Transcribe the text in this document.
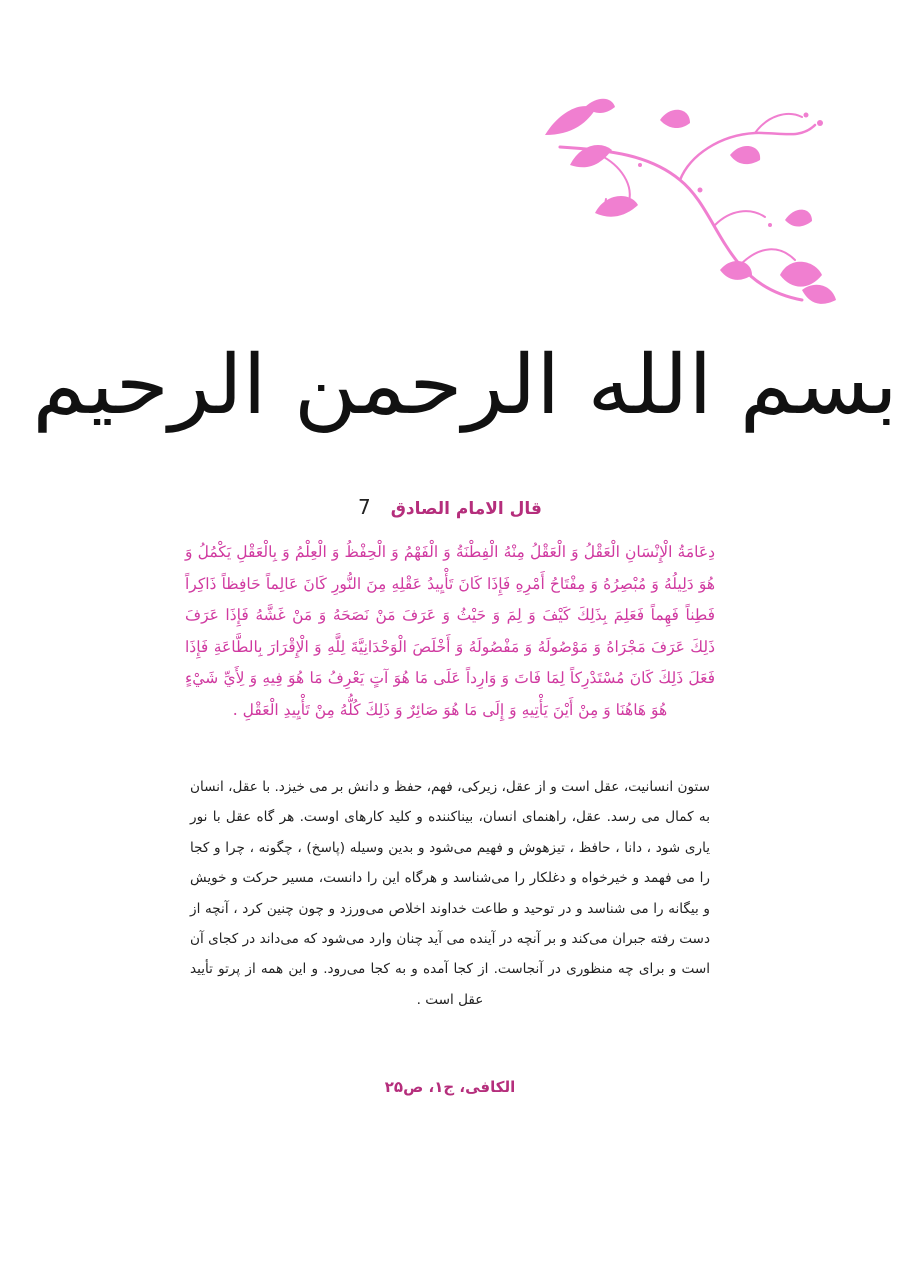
بسم الله الرحمن الرحيم
قال الامام الصادق 7
دِعَامَةُ الْإِنْسَانِ الْعَقْلُ وَ الْعَقْلُ مِنْهُ الْفِطْنَةُ وَ الْفَهْمُ وَ الْحِفْظُ وَ الْعِلْمُ وَ بِالْعَقْلِ يَكْمُلُ وَ هُوَ دَلِيلُهُ وَ مُبْصِرُهُ وَ مِفْتَاحُ أَمْرِهِ فَإِذَا كَانَ تَأْيِيدُ عَقْلِهِ مِنَ النُّورِ كَانَ عَالِماً حَافِظاً ذَاكِراً فَطِناً فَهِماً فَعَلِمَ بِذَلِكَ كَيْفَ وَ لِمَ وَ حَيْثُ وَ عَرَفَ مَنْ نَصَحَهُ وَ مَنْ غَشَّهُ فَإِذَا عَرَفَ ذَلِكَ عَرَفَ مَجْرَاهُ وَ مَوْصُولَهُ وَ مَفْصُولَهُ وَ أَخْلَصَ الْوَحْدَانِيَّةَ لِلَّهِ وَ الْإِقْرَارَ بِالطَّاعَةِ فَإِذَا فَعَلَ ذَلِكَ كَانَ مُسْتَدْرِكاً لِمَا فَاتَ وَ وَارِداً عَلَى مَا هُوَ آتٍ يَعْرِفُ مَا هُوَ فِيهِ وَ لِأَيِّ شَيْءٍ هُوَ هَاهُنَا وَ مِنْ أَيْنَ يَأْتِيهِ وَ إِلَى مَا هُوَ صَائِرٌ وَ ذَلِكَ كُلُّهُ مِنْ تَأْيِيدِ الْعَقْلِ .
ستون انسانیت، عقل است و از عقل، زیرکی، فهم، حفظ و دانش بر می خیزد. با عقل، انسان به کمال می رسد. عقل، راهنمای انسان، بیناکننده و کلید کارهای اوست. هر گاه عقل با نور یاری شود ، دانا ، حافظ ، تیزهوش و فهیم می‌شود و بدین وسیله (پاسخ) ، چگونه ، چرا و کجا را می فهمد و خیرخواه و دغلکار را می‌شناسد و هرگاه این را دانست، مسیر حرکت و خویش و بیگانه را می شناسد و در توحید و طاعت خداوند اخلاص می‌ورزد و چون چنین کرد ، آنچه از دست رفته جبران می‌کند و بر آنچه در آینده می آید چنان وارد می‌شود که می‌داند در کجای آن است و برای چه منظوری در آنجاست. از کجا آمده و به کجا می‌رود. و این همه از پرتو تأیید عقل است .
الکافی، ج۱، ص۲۵
